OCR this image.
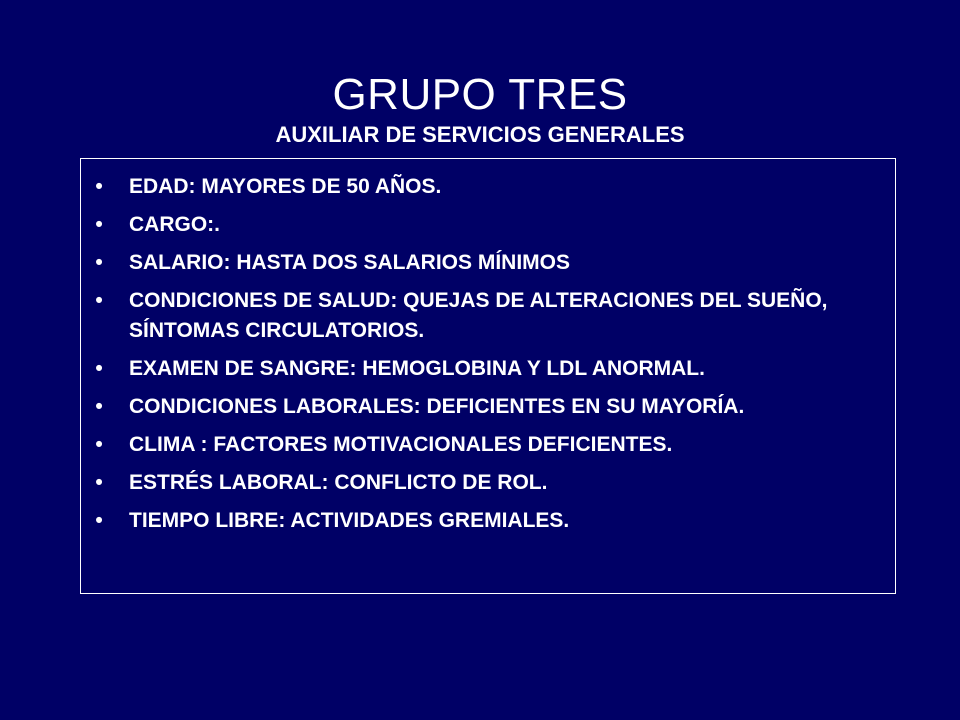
GRUPO TRES
AUXILIAR DE SERVICIOS GENERALES
• EDAD: MAYORES DE 50 AÑOS.
• CARGO:.
• SALARIO: HASTA DOS SALARIOS MÍNIMOS
• CONDICIONES DE SALUD: QUEJAS DE ALTERACIONES DEL SUEÑO, SÍNTOMAS CIRCULATORIOS.
• EXAMEN DE SANGRE: HEMOGLOBINA Y LDL ANORMAL.
• CONDICIONES LABORALES: DEFICIENTES EN SU MAYORÍA.
• CLIMA : FACTORES MOTIVACIONALES DEFICIENTES.
• ESTRÉS LABORAL: CONFLICTO DE ROL.
• TIEMPO LIBRE: ACTIVIDADES GREMIALES.
